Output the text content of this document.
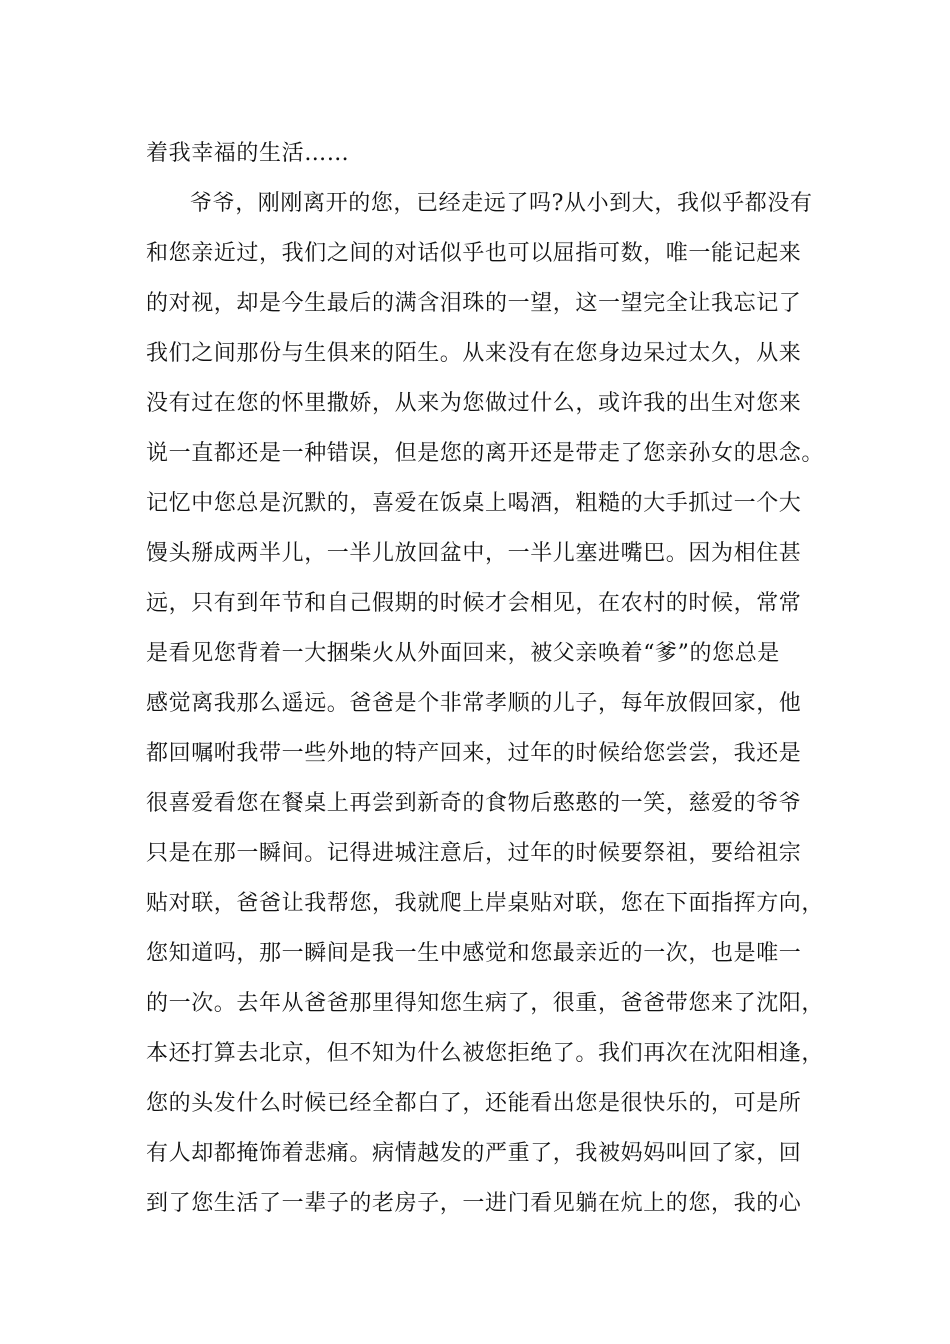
着我幸福的生活……
爷爷，刚刚离开的您，已经走远了吗?从小到大，我似乎都没有
和您亲近过，我们之间的对话似乎也可以屈指可数，唯一能记起来
的对视，却是今生最后的满含泪珠的一望，这一望完全让我忘记了
我们之间那份与生俱来的陌生。从来没有在您身边呆过太久，从来
没有过在您的怀里撒娇，从来为您做过什么，或许我的出生对您来
说一直都还是一种错误，但是您的离开还是带走了您亲孙女的思念。
记忆中您总是沉默的，喜爱在饭桌上喝酒，粗糙的大手抓过一个大
馒头掰成两半儿，一半儿放回盆中，一半儿塞进嘴巴。因为相住甚
远，只有到年节和自己假期的时候才会相见，在农村的时候，常常
是看见您背着一大捆柴火从外面回来，被父亲唤着“爹”的您总是
感觉离我那么遥远。爸爸是个非常孝顺的儿子，每年放假回家，他
都回嘱咐我带一些外地的特产回来，过年的时候给您尝尝，我还是
很喜爱看您在餐桌上再尝到新奇的食物后憨憨的一笑，慈爱的爷爷
只是在那一瞬间。记得进城注意后，过年的时候要祭祖，要给祖宗
贴对联，爸爸让我帮您，我就爬上岸桌贴对联，您在下面指挥方向，
您知道吗，那一瞬间是我一生中感觉和您最亲近的一次，也是唯一
的一次。去年从爸爸那里得知您生病了，很重，爸爸带您来了沈阳，
本还打算去北京，但不知为什么被您拒绝了。我们再次在沈阳相逢，
您的头发什么时候已经全都白了，还能看出您是很快乐的，可是所
有人却都掩饰着悲痛。病情越发的严重了，我被妈妈叫回了家，回
到了您生活了一辈子的老房子，一进门看见躺在炕上的您，我的心
